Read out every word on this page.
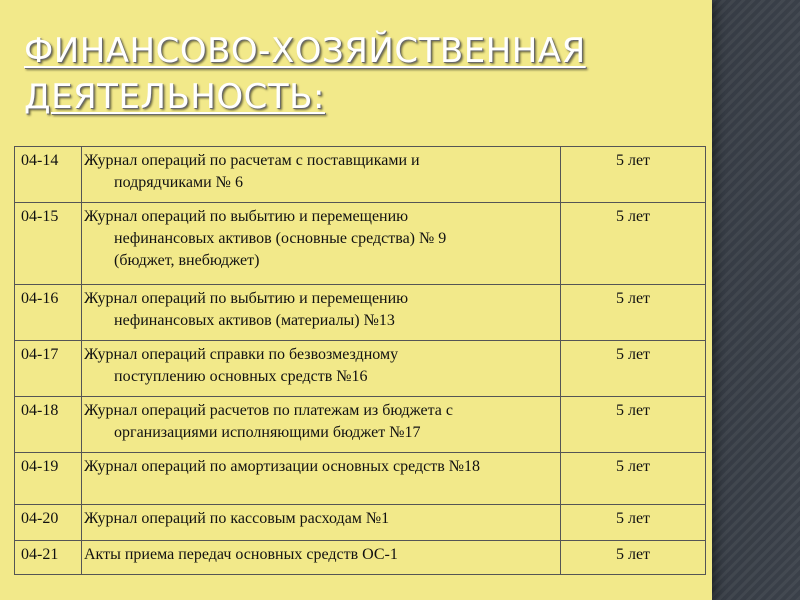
ФИНАНСОВО-ХОЗЯЙСТВЕННАЯ
ДЕЯТЕЛЬНОСТЬ:
04-14	Журнал операций по расчетам с поставщиками и
подрядчиками № 6	5 лет
04-15	Журнал операций по выбытию и перемещению
нефинансовых активов (основные средства) № 9
(бюджет, внебюджет)	5 лет
04-16	Журнал операций по выбытию и перемещению
нефинансовых активов (материалы) №13	5 лет
04-17	Журнал операций справки по безвозмездному
поступлению основных средств №16	5 лет
04-18	Журнал операций расчетов по платежам из бюджета с
организациями исполняющими бюджет №17	5 лет
04-19	Журнал операций по амортизации основных средств №18	5 лет
04-20	Журнал операций по кассовым расходам №1	5 лет
04-21	Акты приема передач основных средств ОС-1	5 лет
